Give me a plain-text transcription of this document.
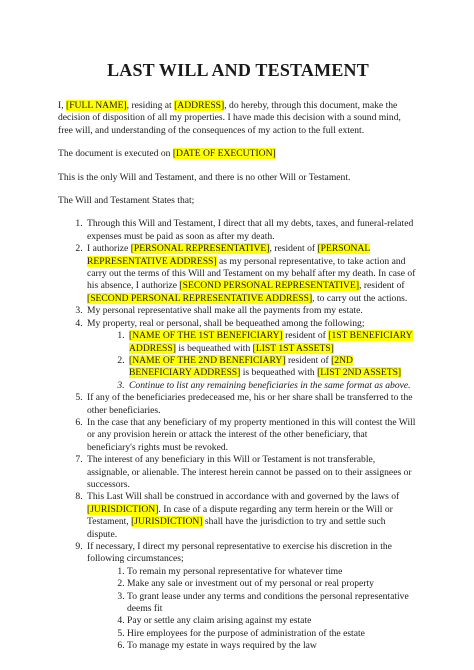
LAST WILL AND TESTAMENT

I, [FULL NAME], residing at [ADDRESS], do hereby, through this document, make the decision of disposition of all my properties. I have made this decision with a sound mind, free will, and understanding of the consequences of my action to the full extent.

The document is executed on [DATE OF EXECUTION]

This is the only Will and Testament, and there is no other Will or Testament.

The Will and Testament States that;

1. Through this Will and Testament, I direct that all my debts, taxes, and funeral-related expenses must be paid as soon as after my death.
2. I authorize [PERSONAL REPRESENTATIVE], resident of [PERSONAL REPRESENTATIVE ADDRESS] as my personal representative, to take action and carry out the terms of this Will and Testament on my behalf after my death. In case of his absence, I authorize [SECOND PERSONAL REPRESENTATIVE], resident of [SECOND PERSONAL REPRESENTATIVE ADDRESS], to carry out the actions.
3. My personal representative shall make all the payments from my estate.
4. My property, real or personal, shall be bequeathed among the following;
1. [NAME OF THE 1ST BENEFICIARY] resident of [1ST BENEFICIARY ADDRESS] is bequeathed with [LIST 1ST ASSETS]
2. [NAME OF THE 2ND BENEFICIARY] resident of [2ND BENEFICIARY ADDRESS] is bequeathed with [LIST 2ND ASSETS]
3. Continue to list any remaining beneficiaries in the same format as above.
5. If any of the beneficiaries predeceased me, his or her share shall be transferred to the other beneficiaries.
6. In the case that any beneficiary of my property mentioned in this will contest the Will or any provision herein or attack the interest of the other beneficiary, that beneficiary's rights must be revoked.
7. The interest of any beneficiary in this Will or Testament is not transferable, assignable, or alienable. The interest herein cannot be passed on to their assignees or successors.
8. This Last Will shall be construed in accordance with and governed by the laws of [JURISDICTION]. In case of a dispute regarding any term herein or the Will or Testament, [JURISDICTION] shall have the jurisdiction to try and settle such dispute.
9. If necessary, I direct my personal representative to exercise his discretion in the following circumstances;
1. To remain my personal representative for whatever time
2. Make any sale or investment out of my personal or real property
3. To grant lease under any terms and conditions the personal representative deems fit
4. Pay or settle any claim arising against my estate
5. Hire employees for the purpose of administration of the estate
6. To manage my estate in ways required by the law
